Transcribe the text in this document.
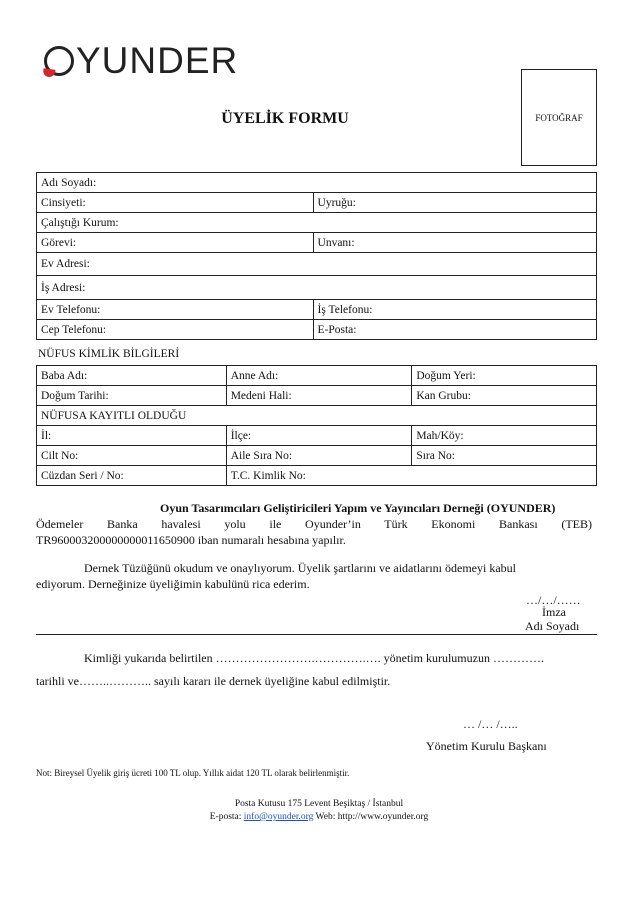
YUNDER
ÜYELİK FORMU	FOTOĞRAF
Adı Soyadı:	
Cinsiyeti:	Uyruğu:
Çalıştığı Kurum:	
Görevi:	Unvanı:
Ev Adresi:	
İş Adresi:	
Ev Telefonu:	İş Telefonu:
Cep Telefonu:	E-Posta:
NÜFUS KİMLİK BİLGİLERİ
Baba Adı:	Anne Adı:	Doğum Yeri:
Doğum Tarihi:	Medeni Hali:	Kan Grubu:
NÜFUSA KAYITLI OLDUĞU		
İl:	İlçe:	Mah/Köy:
Cilt No:	Aile Sıra No:	Sıra No:
Cüzdan Seri / No:	T.C. Kimlik No:	
Oyun Tasarımcıları Geliştiricileri Yapım ve Yayıncıları Derneği (OYUNDER)
Ödemeler Banka havalesi yolu ile Oyunder’in Türk Ekonomi Bankası (TEB)
TR960003200000000011650900 iban numaralı hesabına yapılır.
Dernek Tüzüğünü okudum ve onaylıyorum. Üyelik şartlarını ve aidatlarını ödemeyi kabul
ediyorum. Derneğinize üyeliğimin kabulünü rica ederim.
…/…/……
İmza
Adı Soyadı
Kimliği yukarıda belirtilen …………………….………….…. yönetim kurulumuzun ………….
tarihli ve……..……….. sayılı kararı ile dernek üyeliğine kabul edilmiştir.
… /… /…..
Yönetim Kurulu Başkanı
Not: Bireysel Üyelik giriş ücreti 100 TL olup. Yıllık aidat 120 TL olarak belirlenmiştir.
Posta Kutusu 175 Levent Beşiktaş / İstanbul
E-posta: info@oyunder.org Web: http://www.oyunder.org
